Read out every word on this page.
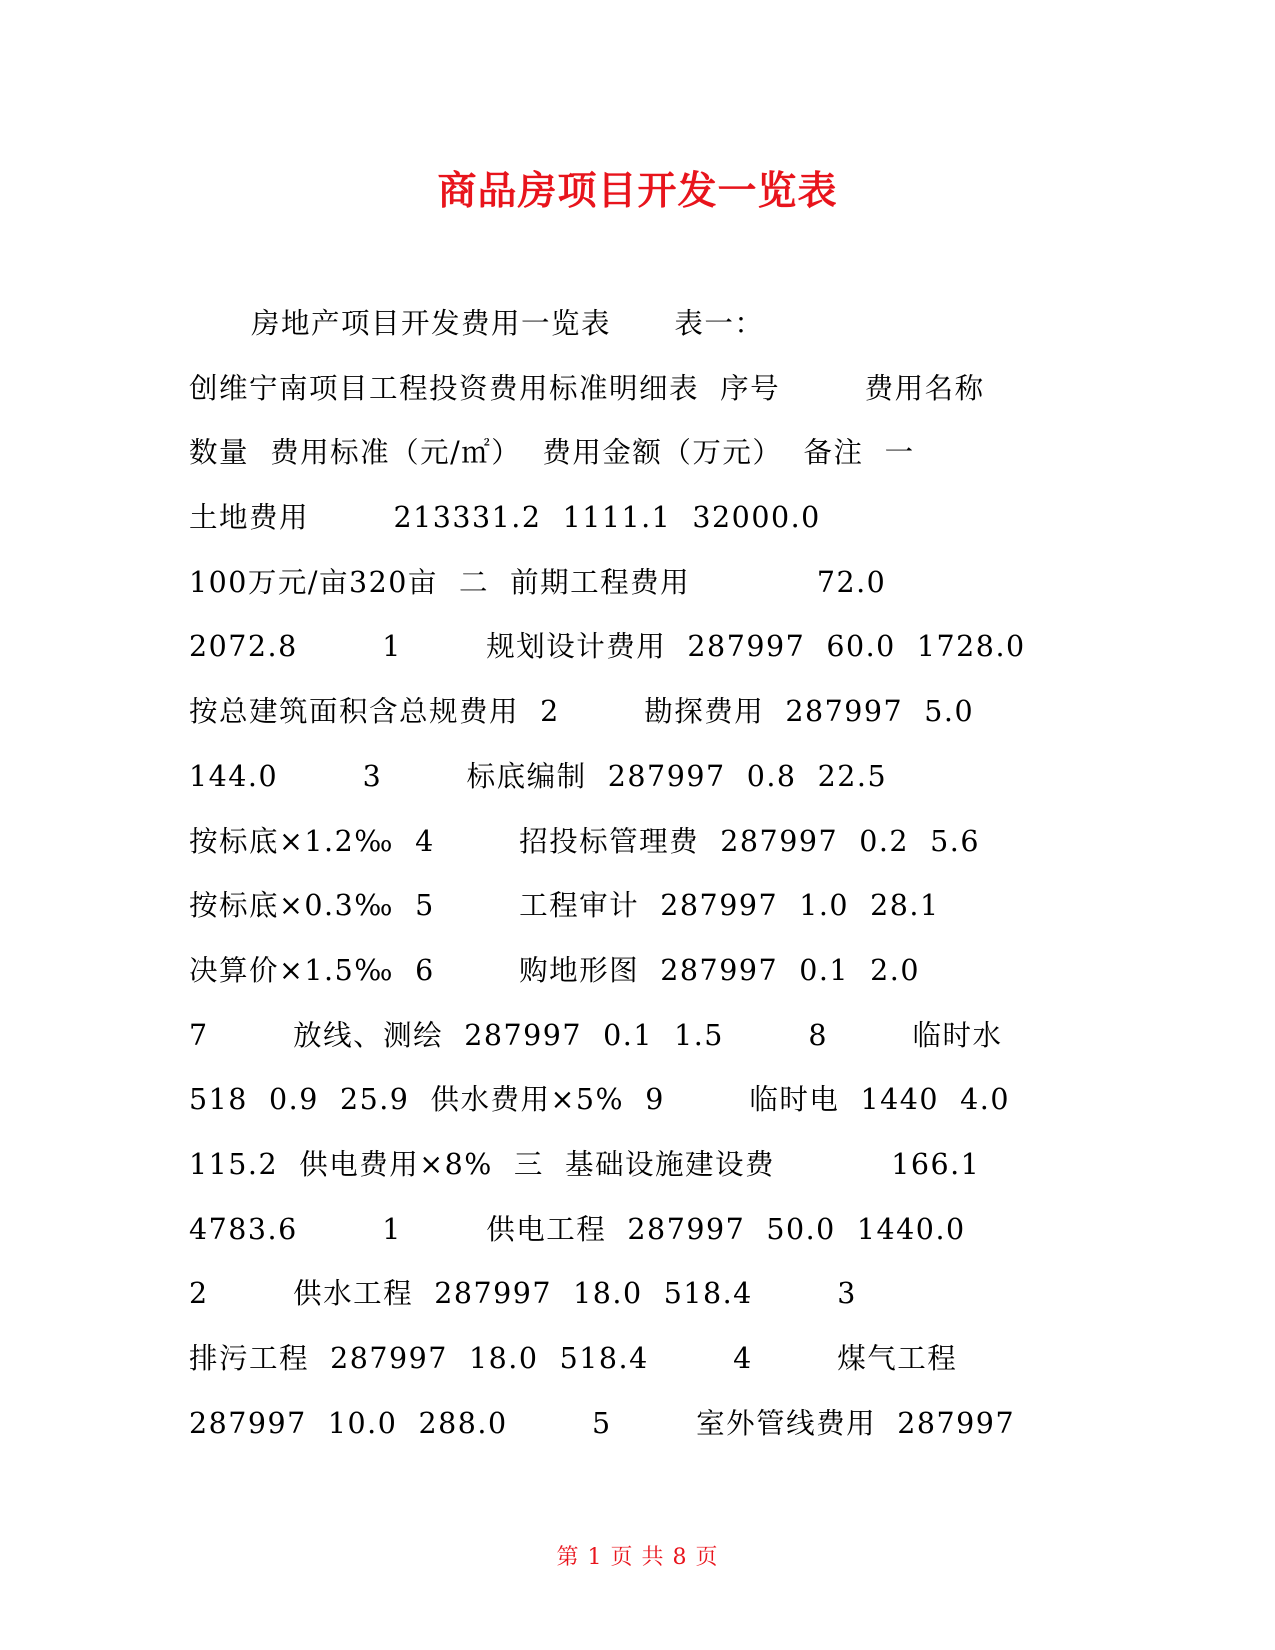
商品房项目开发一览表
房地产项目开发费用一览表      表一：
创维宁南项目工程投资费用标准明细表  序号        费用名称
数量  费用标准（元/㎡）  费用金额（万元）  备注  一
土地费用        213331.2  1111.1  32000.0
100万元/亩320亩  二  前期工程费用            72.0
2072.8        1        规划设计费用  287997  60.0  1728.0
按总建筑面积含总规费用  2        勘探费用  287997  5.0
144.0        3        标底编制  287997  0.8  22.5
按标底×1.2‰  4        招投标管理费  287997  0.2  5.6
按标底×0.3‰  5        工程审计  287997  1.0  28.1
决算价×1.5‰  6        购地形图  287997  0.1  2.0
7        放线、测绘  287997  0.1  1.5        8        临时水
518  0.9  25.9  供水费用×5%  9        临时电  1440  4.0
115.2  供电费用×8%  三  基础设施建设费           166.1
4783.6        1        供电工程  287997  50.0  1440.0
2        供水工程  287997  18.0  518.4        3
排污工程  287997  18.0  518.4        4        煤气工程
287997  10.0  288.0        5        室外管线费用  287997
第 1 页 共 8 页
